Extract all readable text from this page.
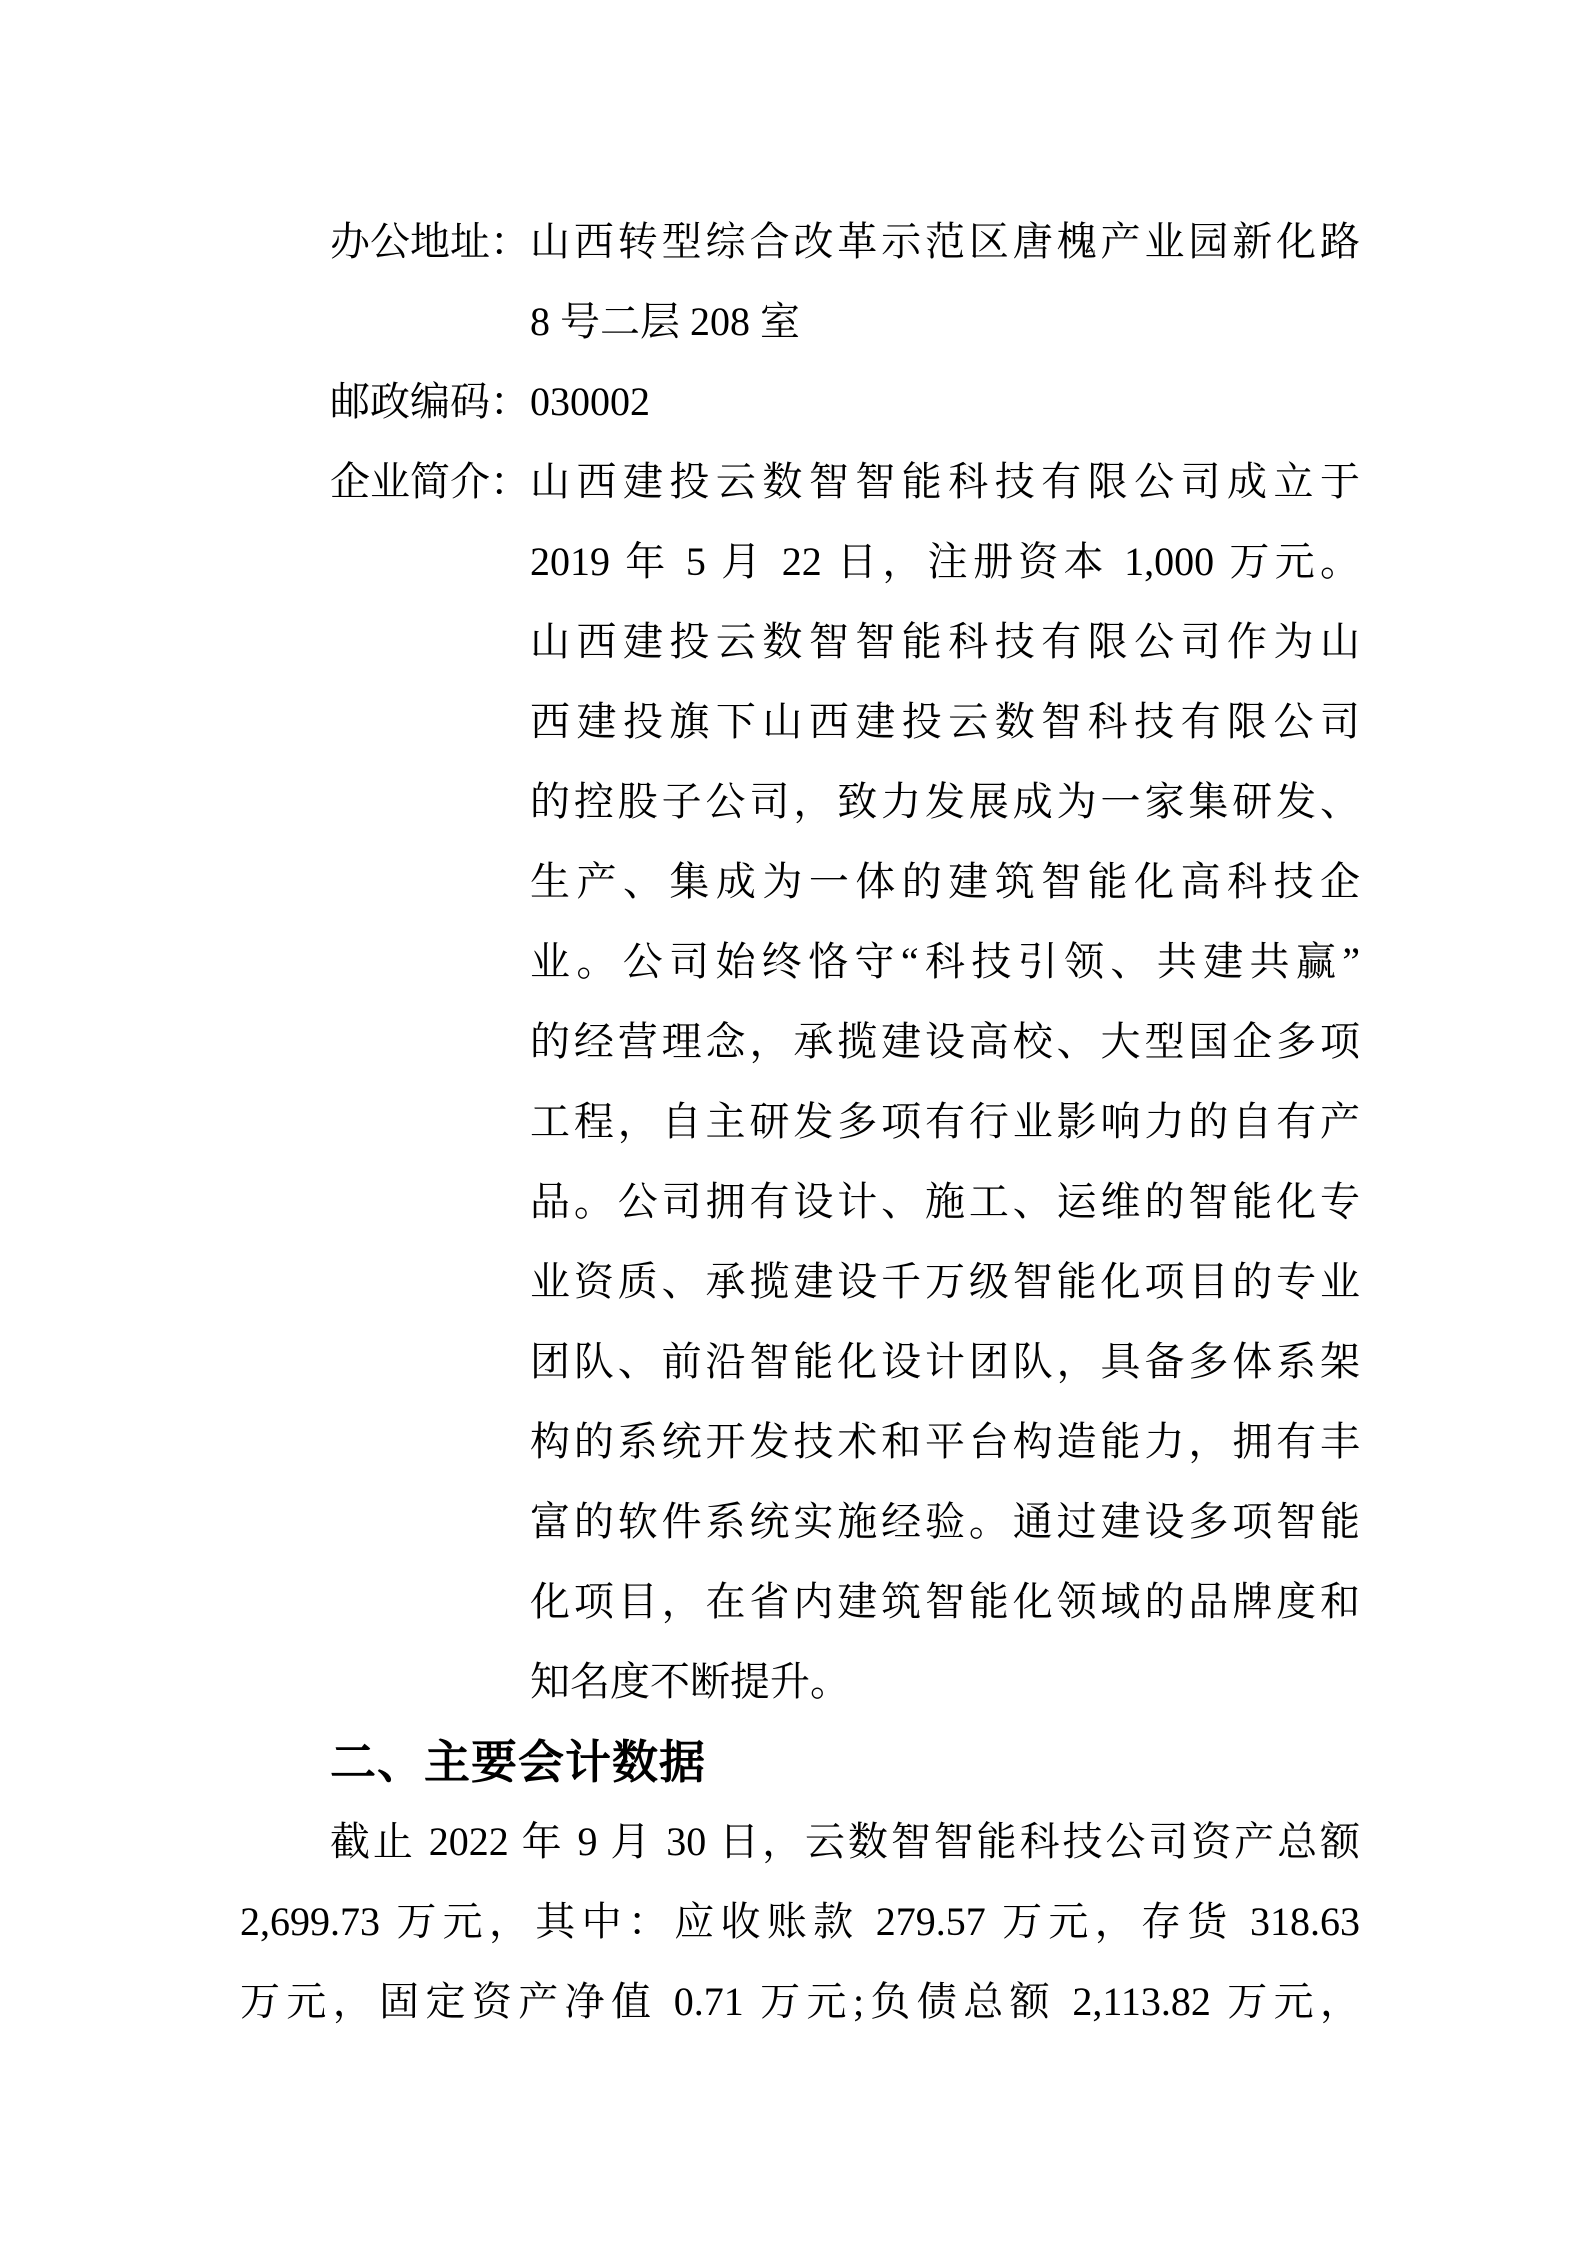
办公地址： 山西转型综合改革示范区唐槐产业园新化路
8 号二层 208 室
邮政编码： 030002
企业简介： 山西建投云数智智能科技有限公司成立于
2019 年 5 月 22 日，注册资本 1,000 万元。
山西建投云数智智能科技有限公司作为山
西建投旗下山西建投云数智科技有限公司
的控股子公司，致力发展成为一家集研发、
生产、集成为一体的建筑智能化高科技企
业。公司始终恪守“科技引领、共建共赢”
的经营理念，承揽建设高校、大型国企多项
工程，自主研发多项有行业影响力的自有产
品。公司拥有设计、施工、运维的智能化专
业资质、承揽建设千万级智能化项目的专业
团队、前沿智能化设计团队，具备多体系架
构的系统开发技术和平台构造能力，拥有丰
富的软件系统实施经验。通过建设多项智能
化项目，在省内建筑智能化领域的品牌度和
知名度不断提升。
二、主要会计数据
截止 2022 年 9 月 30 日，云数智智能科技公司资产总额
2,699.73 万元，其中：应收账款 279.57 万元，存货 318.63
万元，固定资产净值 0.71 万元;负债总额 2,113.82 万元，
